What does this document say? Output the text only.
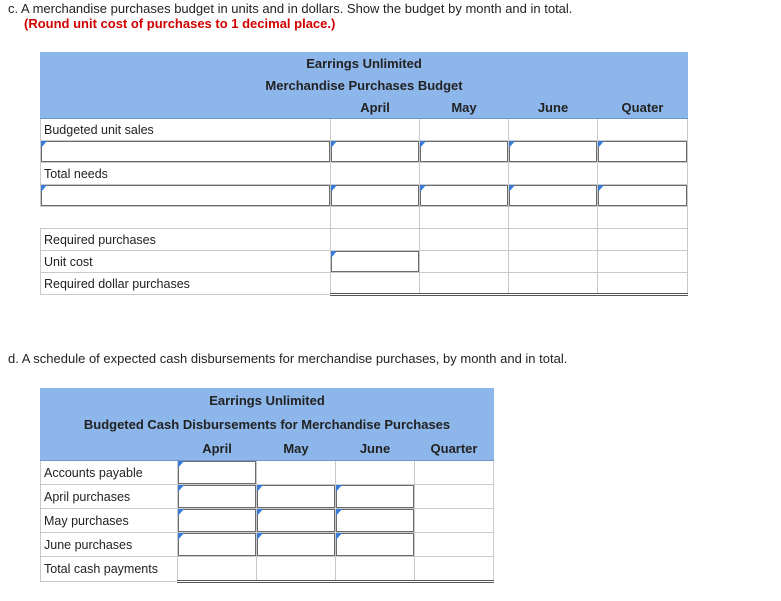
c. A merchandise purchases budget in units and in dollars. Show the budget by month and in total.
(Round unit cost of purchases to 1 decimal place.)
Earrings Unlimited				
Merchandise Purchases Budget				
	April	May	June	Quater
Budgeted unit sales				

Total needs				

Required purchases				
Unit cost	

Required dollar purchases				
d. A schedule of expected cash disbursements for merchandise purchases, by month and in total.
Earrings Unlimited				
Budgeted Cash Disbursements for Merchandise Purchases				
	April	May	June	Quarter
Accounts payable	

April purchases	

May purchases	

June purchases	

Total cash payments				
